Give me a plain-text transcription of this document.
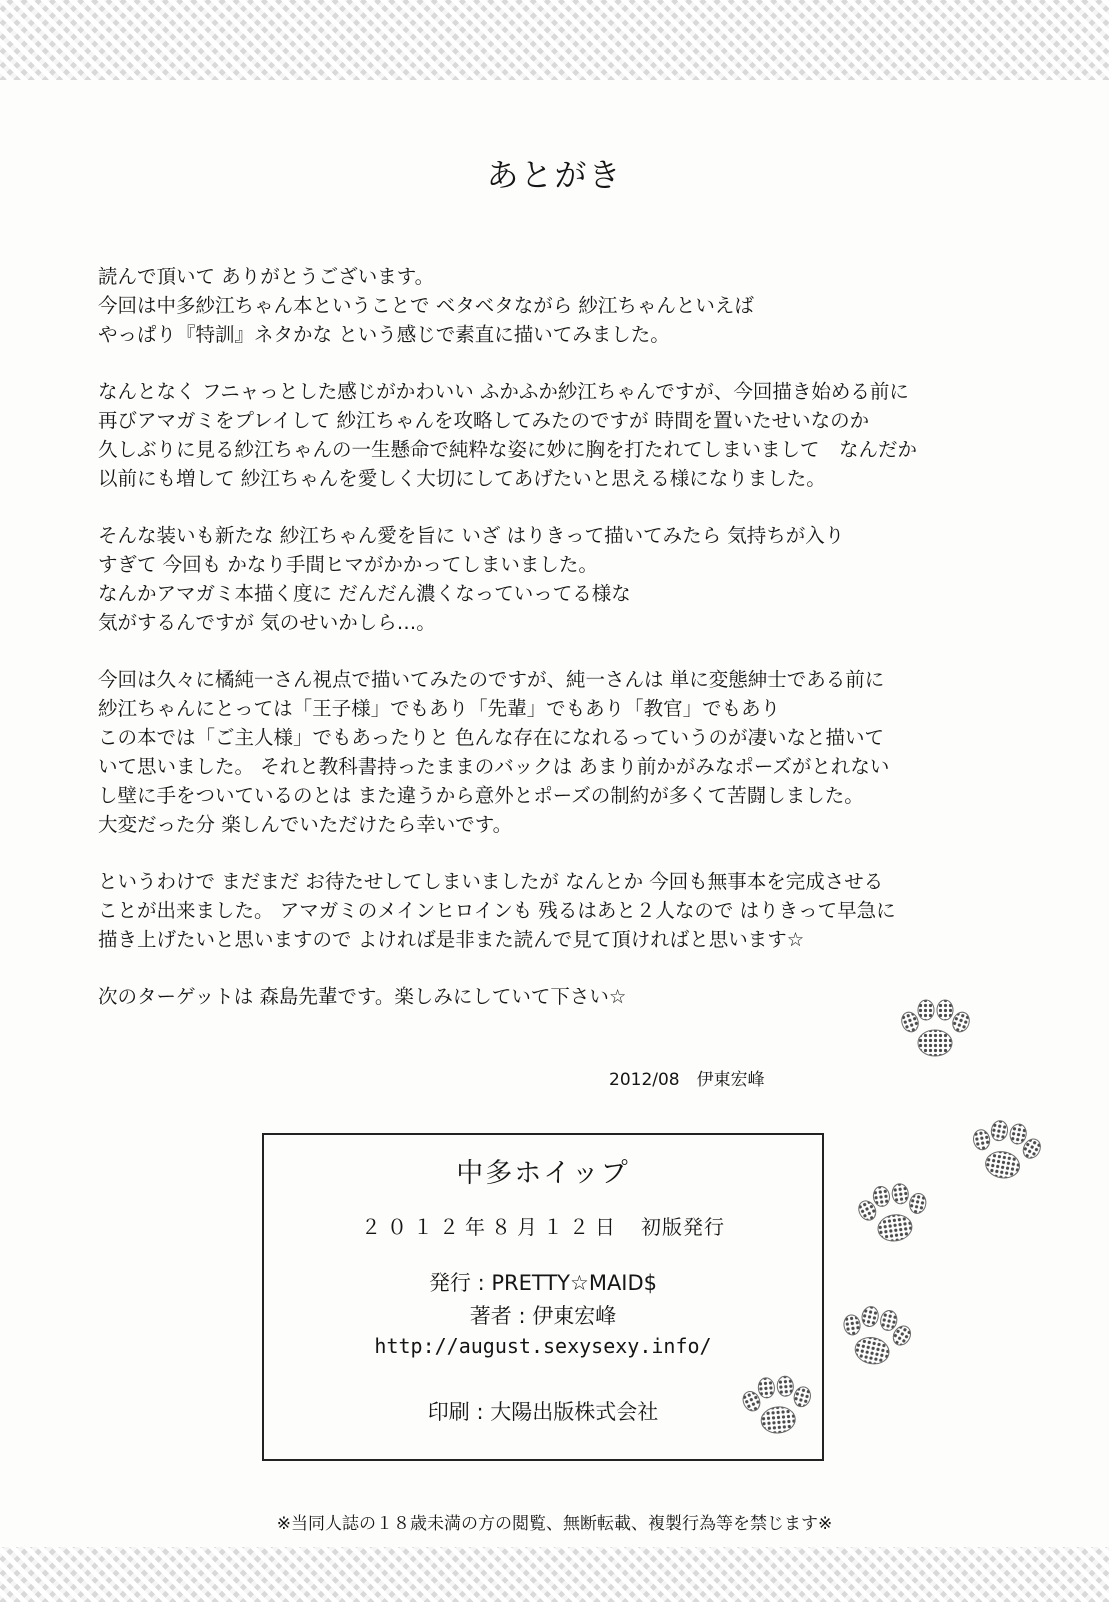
あとがき
読んで頂いて ありがとうございます。
今回は中多紗江ちゃん本ということで ベタベタながら 紗江ちゃんといえば
やっぱり『特訓』ネタかな という感じで素直に描いてみました。
なんとなく フニャっとした感じがかわいい ふかふか紗江ちゃんですが、今回描き始める前に
再びアマガミをプレイして 紗江ちゃんを攻略してみたのですが 時間を置いたせいなのか
久しぶりに見る紗江ちゃんの一生懸命で純粋な姿に妙に胸を打たれてしまいまして　なんだか
以前にも増して 紗江ちゃんを愛しく大切にしてあげたいと思える様になりました。
そんな装いも新たな 紗江ちゃん愛を旨に いざ はりきって描いてみたら 気持ちが入り
すぎて 今回も かなり手間ヒマがかかってしまいました。
なんかアマガミ本描く度に だんだん濃くなっていってる様な
気がするんですが 気のせいかしら…。
今回は久々に橘純一さん視点で描いてみたのですが、純一さんは 単に変態紳士である前に
紗江ちゃんにとっては「王子様」でもあり「先輩」でもあり「教官」でもあり
この本では「ご主人様」でもあったりと 色んな存在になれるっていうのが凄いなと描いて
いて思いました。 それと教科書持ったままのバックは あまり前かがみなポーズがとれない
し壁に手をついているのとは また違うから意外とポーズの制約が多くて苦闘しました。
大変だった分 楽しんでいただけたら幸いです。
というわけで まだまだ お待たせしてしまいましたが なんとか 今回も無事本を完成させる
ことが出来ました。 アマガミのメインヒロインも 残るはあと２人なので はりきって早急に
描き上げたいと思いますので よければ是非また読んで見て頂ければと思います☆
次のターゲットは 森島先輩です。楽しみにしていて下さい☆
2012/08　伊東宏峰
中多ホイップ
２０１２年８月１２日　 初版発行
発行 : PRETTY☆MAID$
著者 : 伊東宏峰
http://august.sexysexy.info/
印刷 : 大陽出版株式会社
※当同人誌の１８歳未満の方の閲覧、無断転載、複製行為等を禁じます※
